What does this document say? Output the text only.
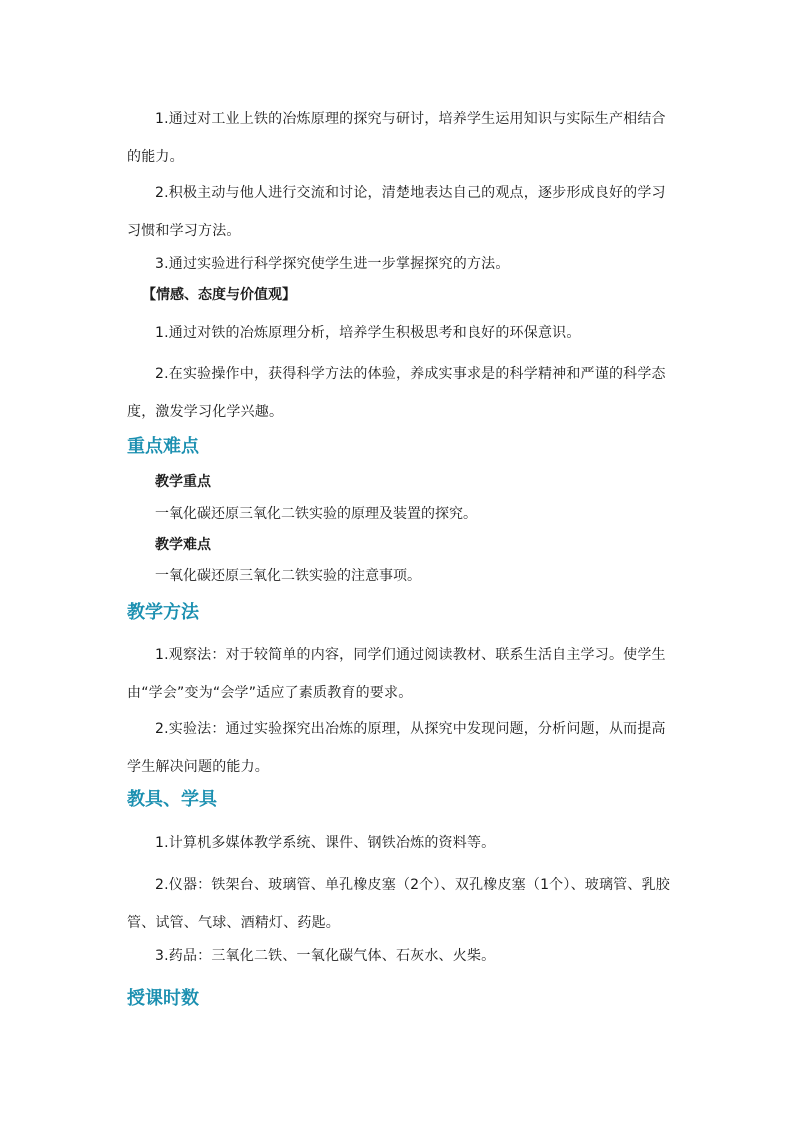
1.通过对工业上铁的冶炼原理的探究与研讨，培养学生运用知识与实际生产相结合的能力。

2.积极主动与他人进行交流和讨论，清楚地表达自己的观点，逐步形成良好的学习习惯和学习方法。

3.通过实验进行科学探究使学生进一步掌握探究的方法。

【情感、态度与价值观】

1.通过对铁的冶炼原理分析，培养学生积极思考和良好的环保意识。

2.在实验操作中，获得科学方法的体验，养成实事求是的科学精神和严谨的科学态度，激发学习化学兴趣。

重点难点

教学重点

一氧化碳还原三氧化二铁实验的原理及装置的探究。

教学难点

一氧化碳还原三氧化二铁实验的注意事项。

教学方法

1.观察法：对于较简单的内容，同学们通过阅读教材、联系生活自主学习。使学生由“学会”变为“会学”适应了素质教育的要求。

2.实验法：通过实验探究出冶炼的原理，从探究中发现问题，分析问题，从而提高学生解决问题的能力。

教具、学具

1.计算机多媒体教学系统、课件、钢铁冶炼的资料等。

2.仪器：铁架台、玻璃管、单孔橡皮塞（2个）、双孔橡皮塞（1个）、玻璃管、乳胶管、试管、气球、酒精灯、药匙。

3.药品：三氧化二铁、一氧化碳气体、石灰水、火柴。

授课时数
